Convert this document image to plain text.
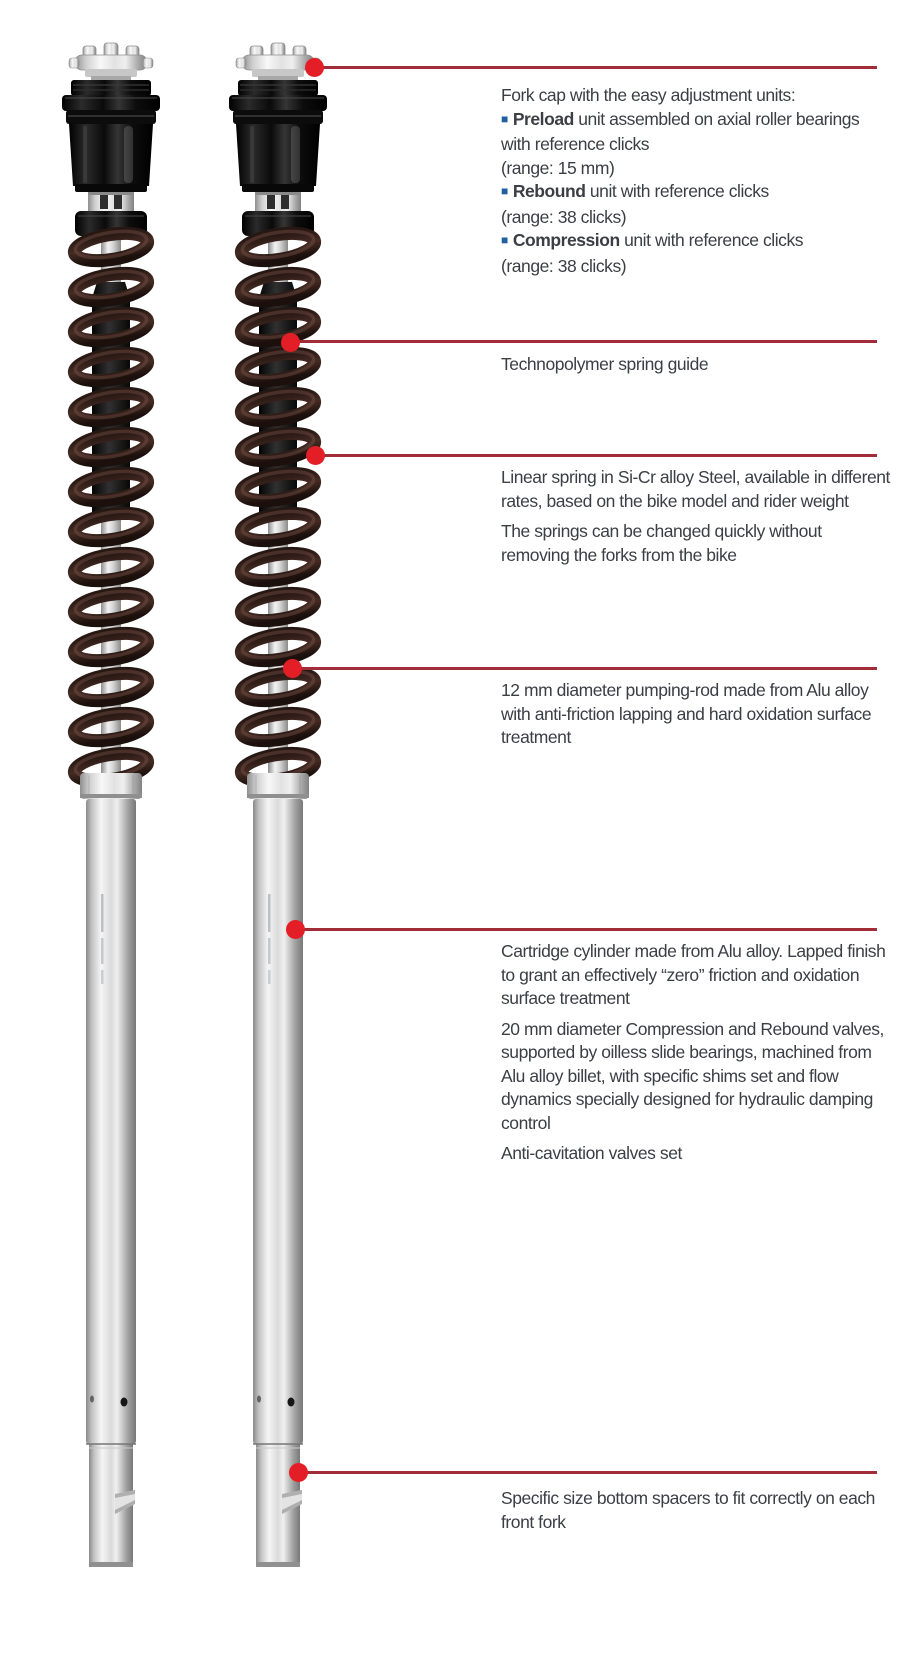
Fork cap with the easy adjustment units:

■ Preload unit assembled on axial roller bearings with reference clicks

(range: 15 mm)

■ Rebound unit with reference clicks

(range: 38 clicks)

■ Compression unit with reference clicks

(range: 38 clicks)

Technopolymer spring guide

Linear spring in Si-Cr alloy Steel, available in different rates, based on the bike model and rider weight

The springs can be changed quickly without removing the forks from the bike

12 mm diameter pumping-rod made from Alu alloy with anti-friction lapping and hard oxidation surface treatment

Cartridge cylinder made from Alu alloy. Lapped finish to grant an effectively “zero” friction and oxidation surface treatment

20 mm diameter Compression and Rebound valves, supported by oilless slide bearings, machined from Alu alloy billet, with specific shims set and flow dynamics specially designed for hydraulic damping control

Anti-cavitation valves set

Specific size bottom spacers to fit correctly on each front fork
